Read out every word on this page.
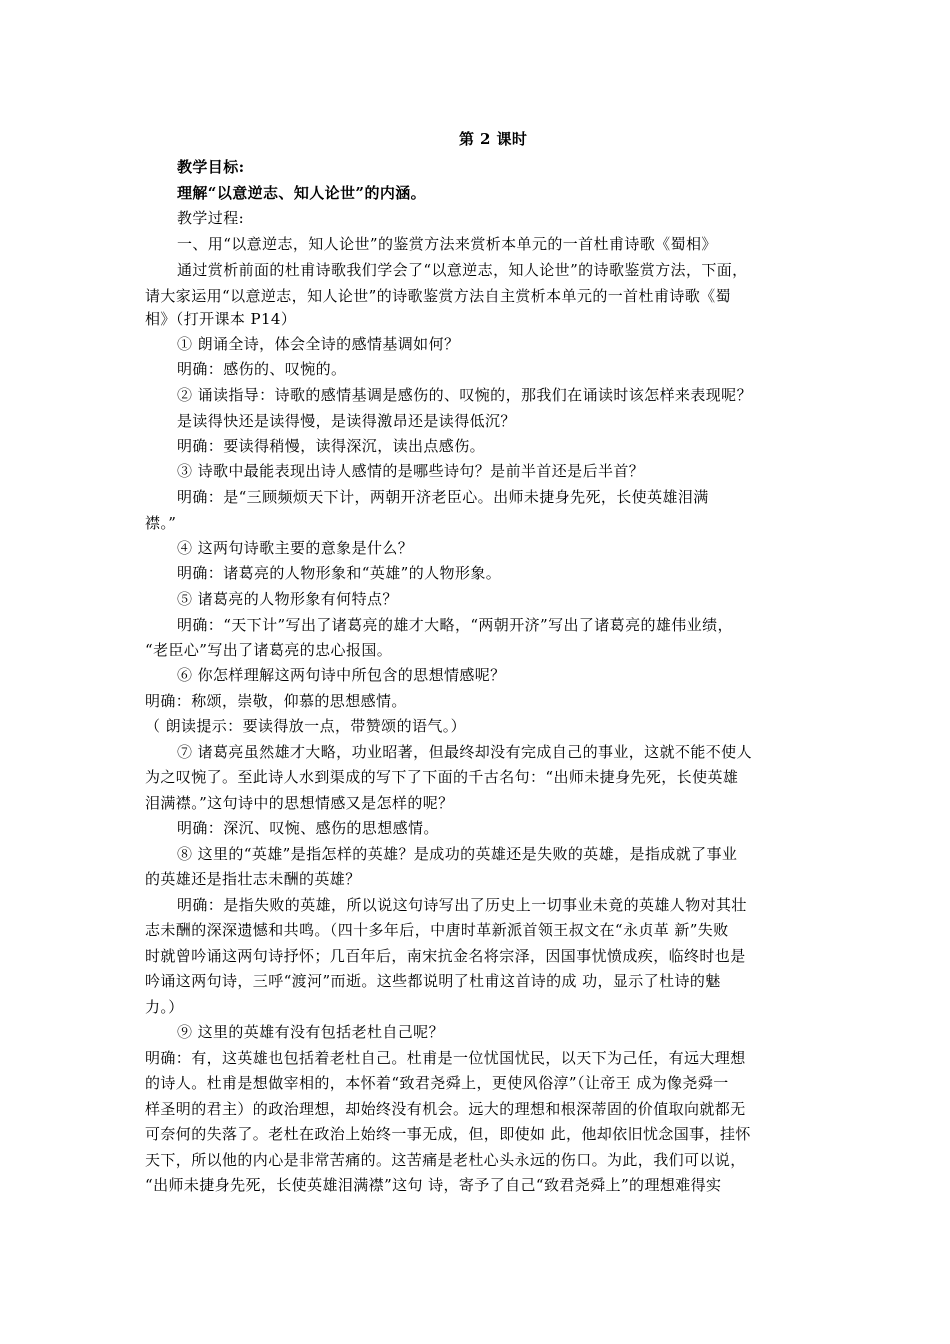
第 2 课时
教学目标:
理解“以意逆志、知人论世”的内涵。
教学过程:
一、用“以意逆志，知人论世”的鉴赏方法来赏析本单元的一首杜甫诗歌《蜀相》
通过赏析前面的杜甫诗歌我们学会了“以意逆志，知人论世”的诗歌鉴赏方法，下面，
请大家运用“以意逆志，知人论世”的诗歌鉴赏方法自主赏析本单元的一首杜甫诗歌《蜀
相》（打开课本 P14）
① 朗诵全诗，体会全诗的感情基调如何？
明确：感伤的、叹惋的。
② 诵读指导：诗歌的感情基调是感伤的、叹惋的，那我们在诵读时该怎样来表现呢？
是读得快还是读得慢，是读得激昂还是读得低沉？
明确：要读得稍慢，读得深沉，读出点感伤。
③ 诗歌中最能表现出诗人感情的是哪些诗句？是前半首还是后半首？
明确：是“三顾频烦天下计，两朝开济老臣心。出师未捷身先死，长使英雄泪满
襟。”
④ 这两句诗歌主要的意象是什么？
明确：诸葛亮的人物形象和“英雄”的人物形象。
⑤ 诸葛亮的人物形象有何特点？
明确：“天下计”写出了诸葛亮的雄才大略，“两朝开济”写出了诸葛亮的雄伟业绩，
“老臣心”写出了诸葛亮的忠心报国。
⑥ 你怎样理解这两句诗中所包含的思想情感呢？
明确：称颂，崇敬，仰慕的思想感情。
（ 朗读提示：要读得放一点，带赞颂的语气。）
⑦ 诸葛亮虽然雄才大略，功业昭著，但最终却没有完成自己的事业，这就不能不使人
为之叹惋了。至此诗人水到渠成的写下了下面的千古名句：“出师未捷身先死，长使英雄
泪满襟。”这句诗中的思想情感又是怎样的呢？
明确：深沉、叹惋、感伤的思想感情。
⑧ 这里的“英雄”是指怎样的英雄？是成功的英雄还是失败的英雄，是指成就了事业
的英雄还是指壮志未酬的英雄？
明确：是指失败的英雄，所以说这句诗写出了历史上一切事业未竟的英雄人物对其壮
志未酬的深深遗憾和共鸣。（四十多年后，中唐时革新派首领王叔文在“永贞革 新”失败
时就曾吟诵这两句诗抒怀；几百年后，南宋抗金名将宗泽，因国事忧愤成疾，临终时也是
吟诵这两句诗，三呼“渡河”而逝。这些都说明了杜甫这首诗的成 功，显示了杜诗的魅
力。）
⑨ 这里的英雄有没有包括老杜自己呢？
明确：有，这英雄也包括着老杜自己。杜甫是一位忧国忧民，以天下为己任，有远大理想
的诗人。杜甫是想做宰相的，本怀着“致君尧舜上，更使风俗淳”（让帝王 成为像尧舜一
样圣明的君主）的政治理想，却始终没有机会。远大的理想和根深蒂固的价值取向就都无
可奈何的失落了。老杜在政治上始终一事无成，但，即使如 此，他却依旧忧念国事，挂怀
天下，所以他的内心是非常苦痛的。这苦痛是老杜心头永远的伤口。为此，我们可以说，
“出师未捷身先死，长使英雄泪满襟”这句 诗，寄予了自己“致君尧舜上”的理想难得实
